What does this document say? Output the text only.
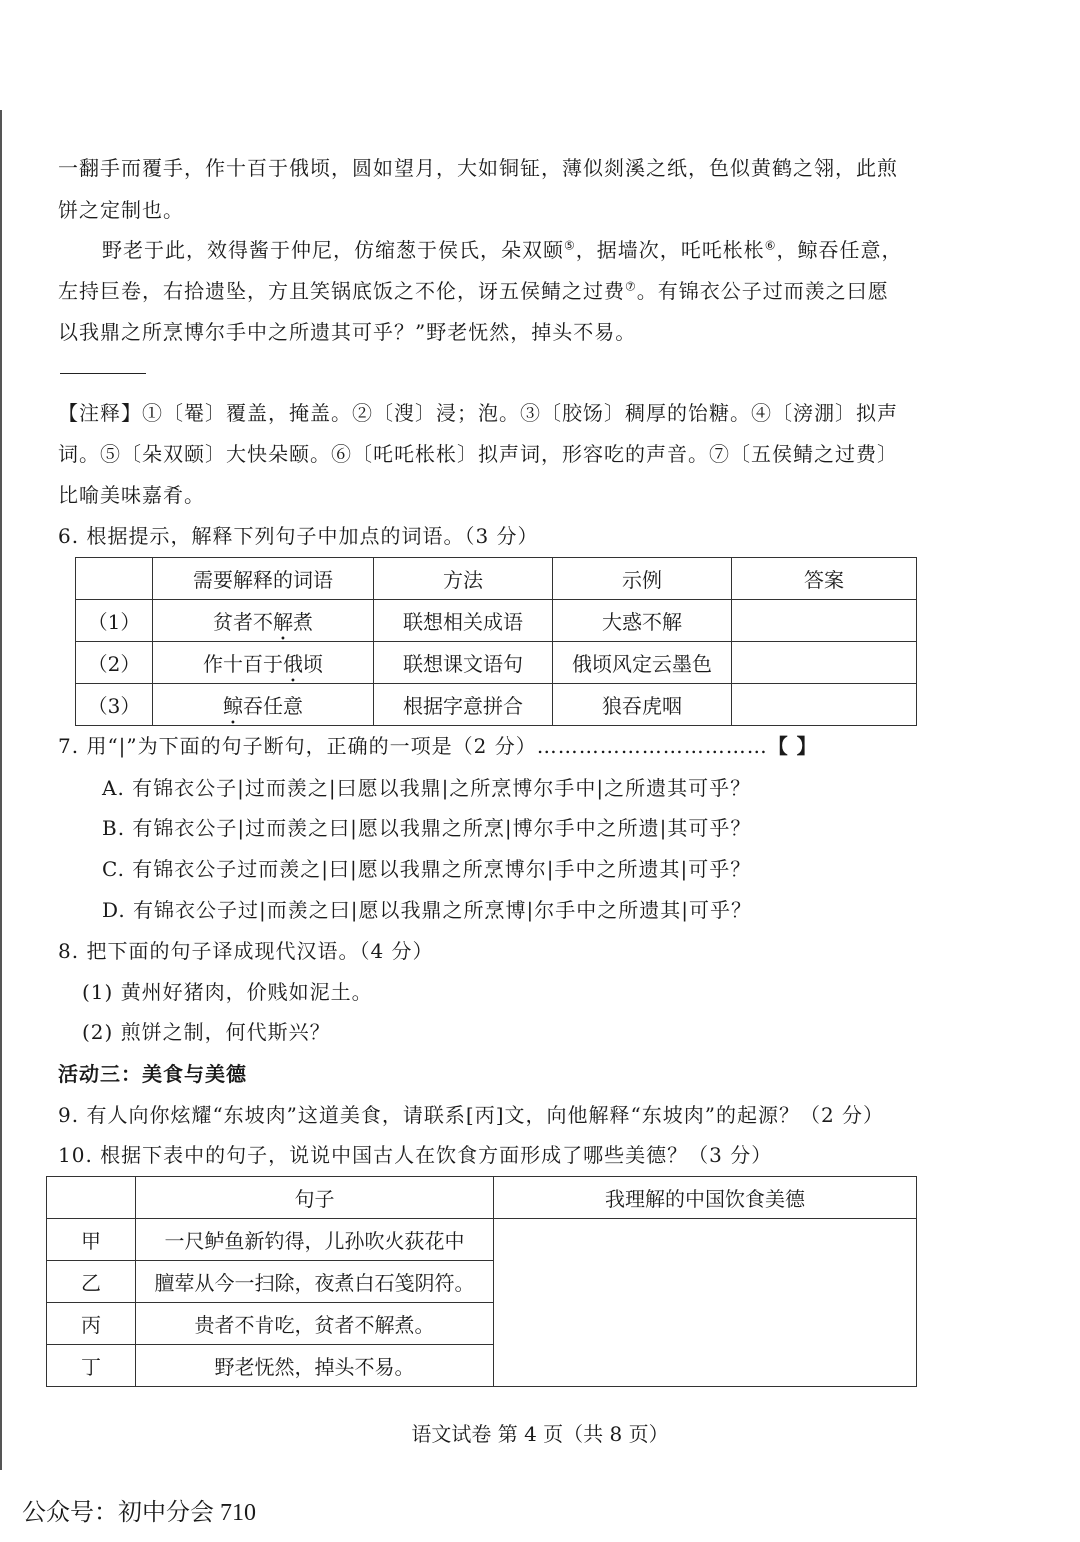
一翻手而覆手，作十百于俄顷，圆如望月，大如铜钲，薄似剡溪之纸，色似黄鹤之翎，此煎
饼之定制也。
野老于此，效得酱于仲尼，仿缩葱于侯氏，朵双颐⑤，据墙次，吒吒枨枨⑥，鲸吞任意，
左持巨卷，右拾遗坠，方且笑锅底饭之不伦，讶五侯鲭之过费⑦。有锦衣公子过而羡之曰愿
以我鼎之所烹博尔手中之所遗其可乎？”野老怃然，掉头不易。
【注释】①〔罨〕覆盖，掩盖。②〔溲〕浸；泡。③〔胶饧〕稠厚的饴糖。④〔滂淜〕拟声
词。⑤〔朵双颐〕大快朵颐。⑥〔吒吒枨枨〕拟声词，形容吃的声音。⑦〔五侯鲭之过费〕
比喻美味嘉肴。
6. 根据提示，解释下列句子中加点的词语。（3 分）
	需要解释的词语	方法	示例	答案
（1）	贫者不解煮	联想相关成语	大惑不解	
（2）	作十百于俄顷	联想课文语句	俄顷风定云墨色	
（3）	鲸吞任意	根据字意拼合	狼吞虎咽	
7. 用“|”为下面的句子断句，正确的一项是（2 分）……………………………【 】
A. 有锦衣公子|过而羡之|曰愿以我鼎|之所烹博尔手中|之所遗其可乎？
B. 有锦衣公子|过而羡之曰|愿以我鼎之所烹|博尔手中之所遗|其可乎？
C. 有锦衣公子过而羡之|曰|愿以我鼎之所烹博尔|手中之所遗其|可乎？
D. 有锦衣公子过|而羡之曰|愿以我鼎之所烹博|尔手中之所遗其|可乎？
8. 把下面的句子译成现代汉语。（4 分）
(1) 黄州好猪肉，价贱如泥土。
(2) 煎饼之制，何代斯兴？
活动三：美食与美德
9. 有人向你炫耀“东坡肉”这道美食，请联系[丙]文，向他解释“东坡肉”的起源？（2 分）
10. 根据下表中的句子，说说中国古人在饮食方面形成了哪些美德？（3 分）
	句子	我理解的中国饮食美德
甲	一尺鲈鱼新钓得，儿孙吹火荻花中	
乙	膻荤从今一扫除，夜煮白石笺阴符。	
丙	贵者不肯吃，贫者不解煮。	
丁	野老怃然，掉头不易。	
语文试卷 第 4 页（共 8 页）
公众号：初中分会 710
